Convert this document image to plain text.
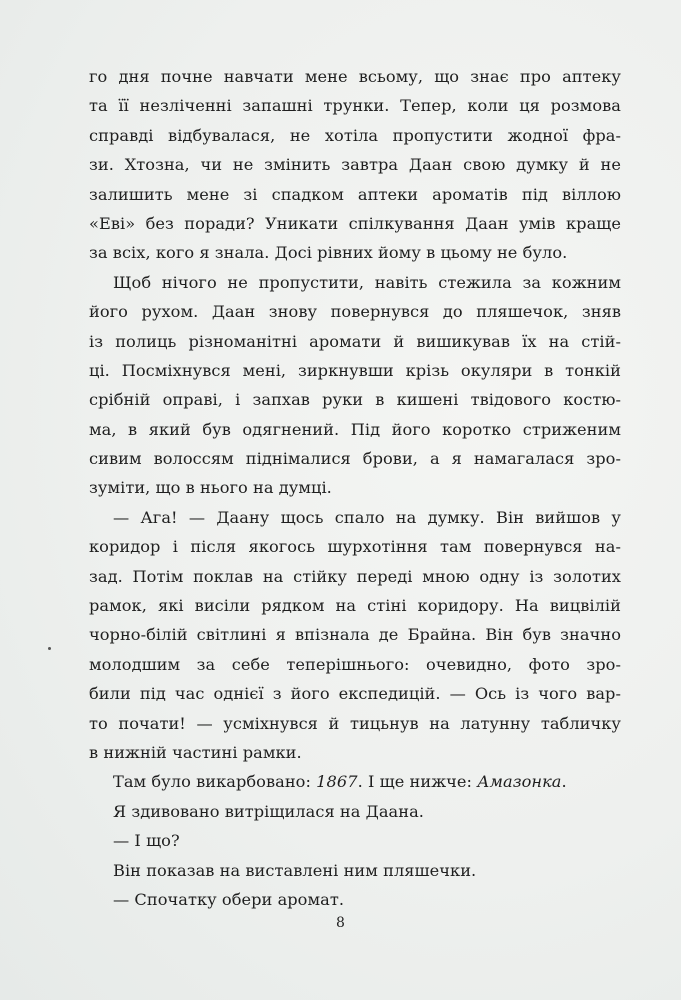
го дня почне навчати мене всьому, що знає про аптеку
та її незліченні запашні трунки. Тепер, коли ця розмова
справді відбувалася, не хотіла пропустити жодної фра-
зи. Хтозна, чи не змінить завтра Даан свою думку й не
залишить мене зі спадком аптеки ароматів під віллою
«Еві» без поради? Уникати спілкування Даан умів краще
за всіх, кого я знала. Досі рівних йому в цьому не було.
Щоб нічого не пропустити, навіть стежила за кожним
його рухом. Даан знову повернувся до пляшечок, зняв
із полиць різноманітні аромати й вишикував їх на стій-
ці. Посміхнувся мені, зиркнувши крізь окуляри в тонкій
срібній оправі, і запхав руки в кишені твідового костю-
ма, в який був одягнений. Під його коротко стриженим
сивим волоссям піднімалися брови, а я намагалася зро-
зуміти, що в нього на думці.
— Ага! — Даану щось спало на думку. Він вийшов у
коридор і після якогось шурхотіння там повернувся на-
зад. Потім поклав на стійку переді мною одну із золотих
рамок, які висіли рядком на стіні коридору. На вицвілій
чорно-білій світлині я впізнала де Брайна. Він був значно
молодшим за себе теперішнього: очевидно, фото зро-
били під час однієї з його експедицій. — Ось із чого вар-
то почати! — усміхнувся й тицьнув на латунну табличку
в нижній частині рамки.
Там було викарбовано: 1867. І ще нижче: Амазонка.
Я здивовано витріщилася на Даана.
— І що?
Він показав на виставлені ним пляшечки.
— Спочатку обери аромат.
8
